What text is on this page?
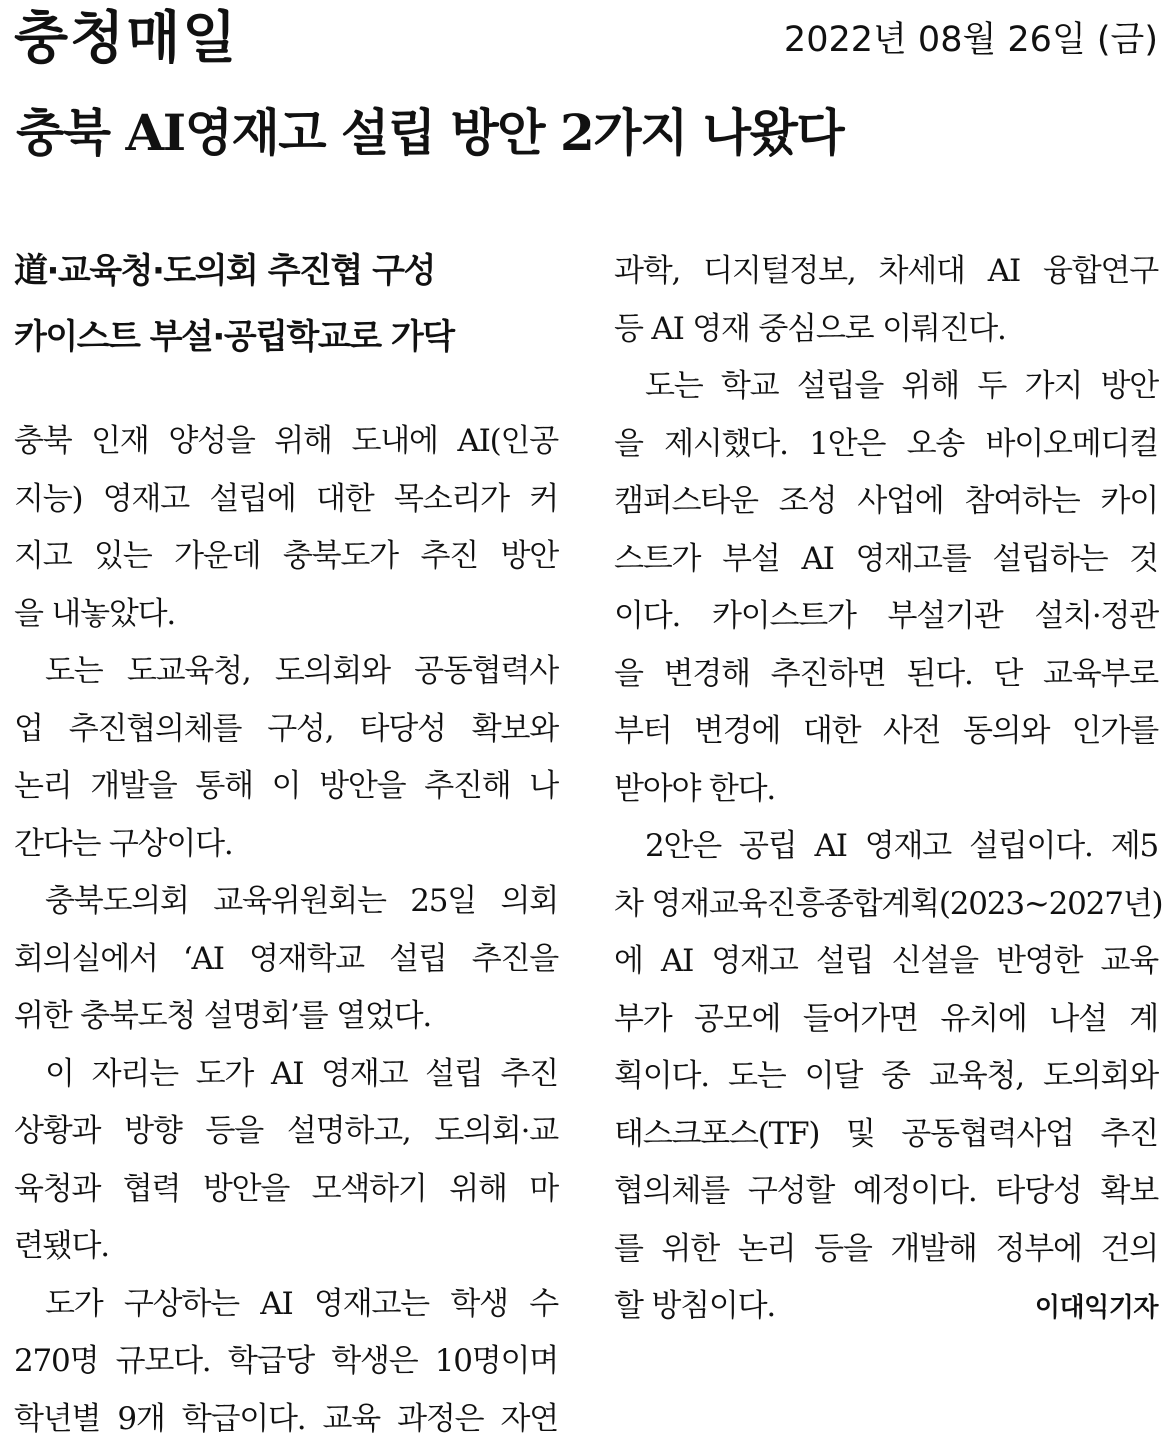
충청매일	2022년 08월 26일 (금)
충북 AI영재고 설립 방안 2가지 나왔다
道·교육청·도의회 추진협 구성
카이스트 부설·공립학교로 가닥

충북 인재 양성을 위해 도내에 AI(인공

지능) 영재고 설립에 대한 목소리가 커

지고 있는 가운데 충북도가 추진 방안

을 내놓았다.

도는 도교육청, 도의회와 공동협력사

업 추진협의체를 구성, 타당성 확보와

논리 개발을 통해 이 방안을 추진해 나

간다는 구상이다.

충북도의회 교육위원회는 25일 의회

회의실에서 ‘AI 영재학교 설립 추진을

위한 충북도청 설명회’를 열었다.

이 자리는 도가 AI 영재고 설립 추진

상황과 방향 등을 설명하고, 도의회·교

육청과 협력 방안을 모색하기 위해 마

련됐다.

도가 구상하는 AI 영재고는 학생 수

270명 규모다. 학급당 학생은 10명이며

학년별 9개 학급이다. 교육 과정은 자연

과학, 디지털정보, 차세대 AI 융합연구

등 AI 영재 중심으로 이뤄진다.

도는 학교 설립을 위해 두 가지 방안

을 제시했다. 1안은 오송 바이오메디컬

캠퍼스타운 조성 사업에 참여하는 카이

스트가 부설 AI 영재고를 설립하는 것

이다. 카이스트가 부설기관 설치·정관

을 변경해 추진하면 된다. 단 교육부로

부터 변경에 대한 사전 동의와 인가를

받아야 한다.

2안은 공립 AI 영재고 설립이다. 제5

차 영재교육진흥종합계획(2023~2027년)

에 AI 영재고 설립 신설을 반영한 교육

부가 공모에 들어가면 유치에 나설 계

획이다. 도는 이달 중 교육청, 도의회와

태스크포스(TF) 및 공동협력사업 추진

협의체를 구성할 예정이다. 타당성 확보

를 위한 논리 등을 개발해 정부에 건의

할 방침이다.	이대익기자
